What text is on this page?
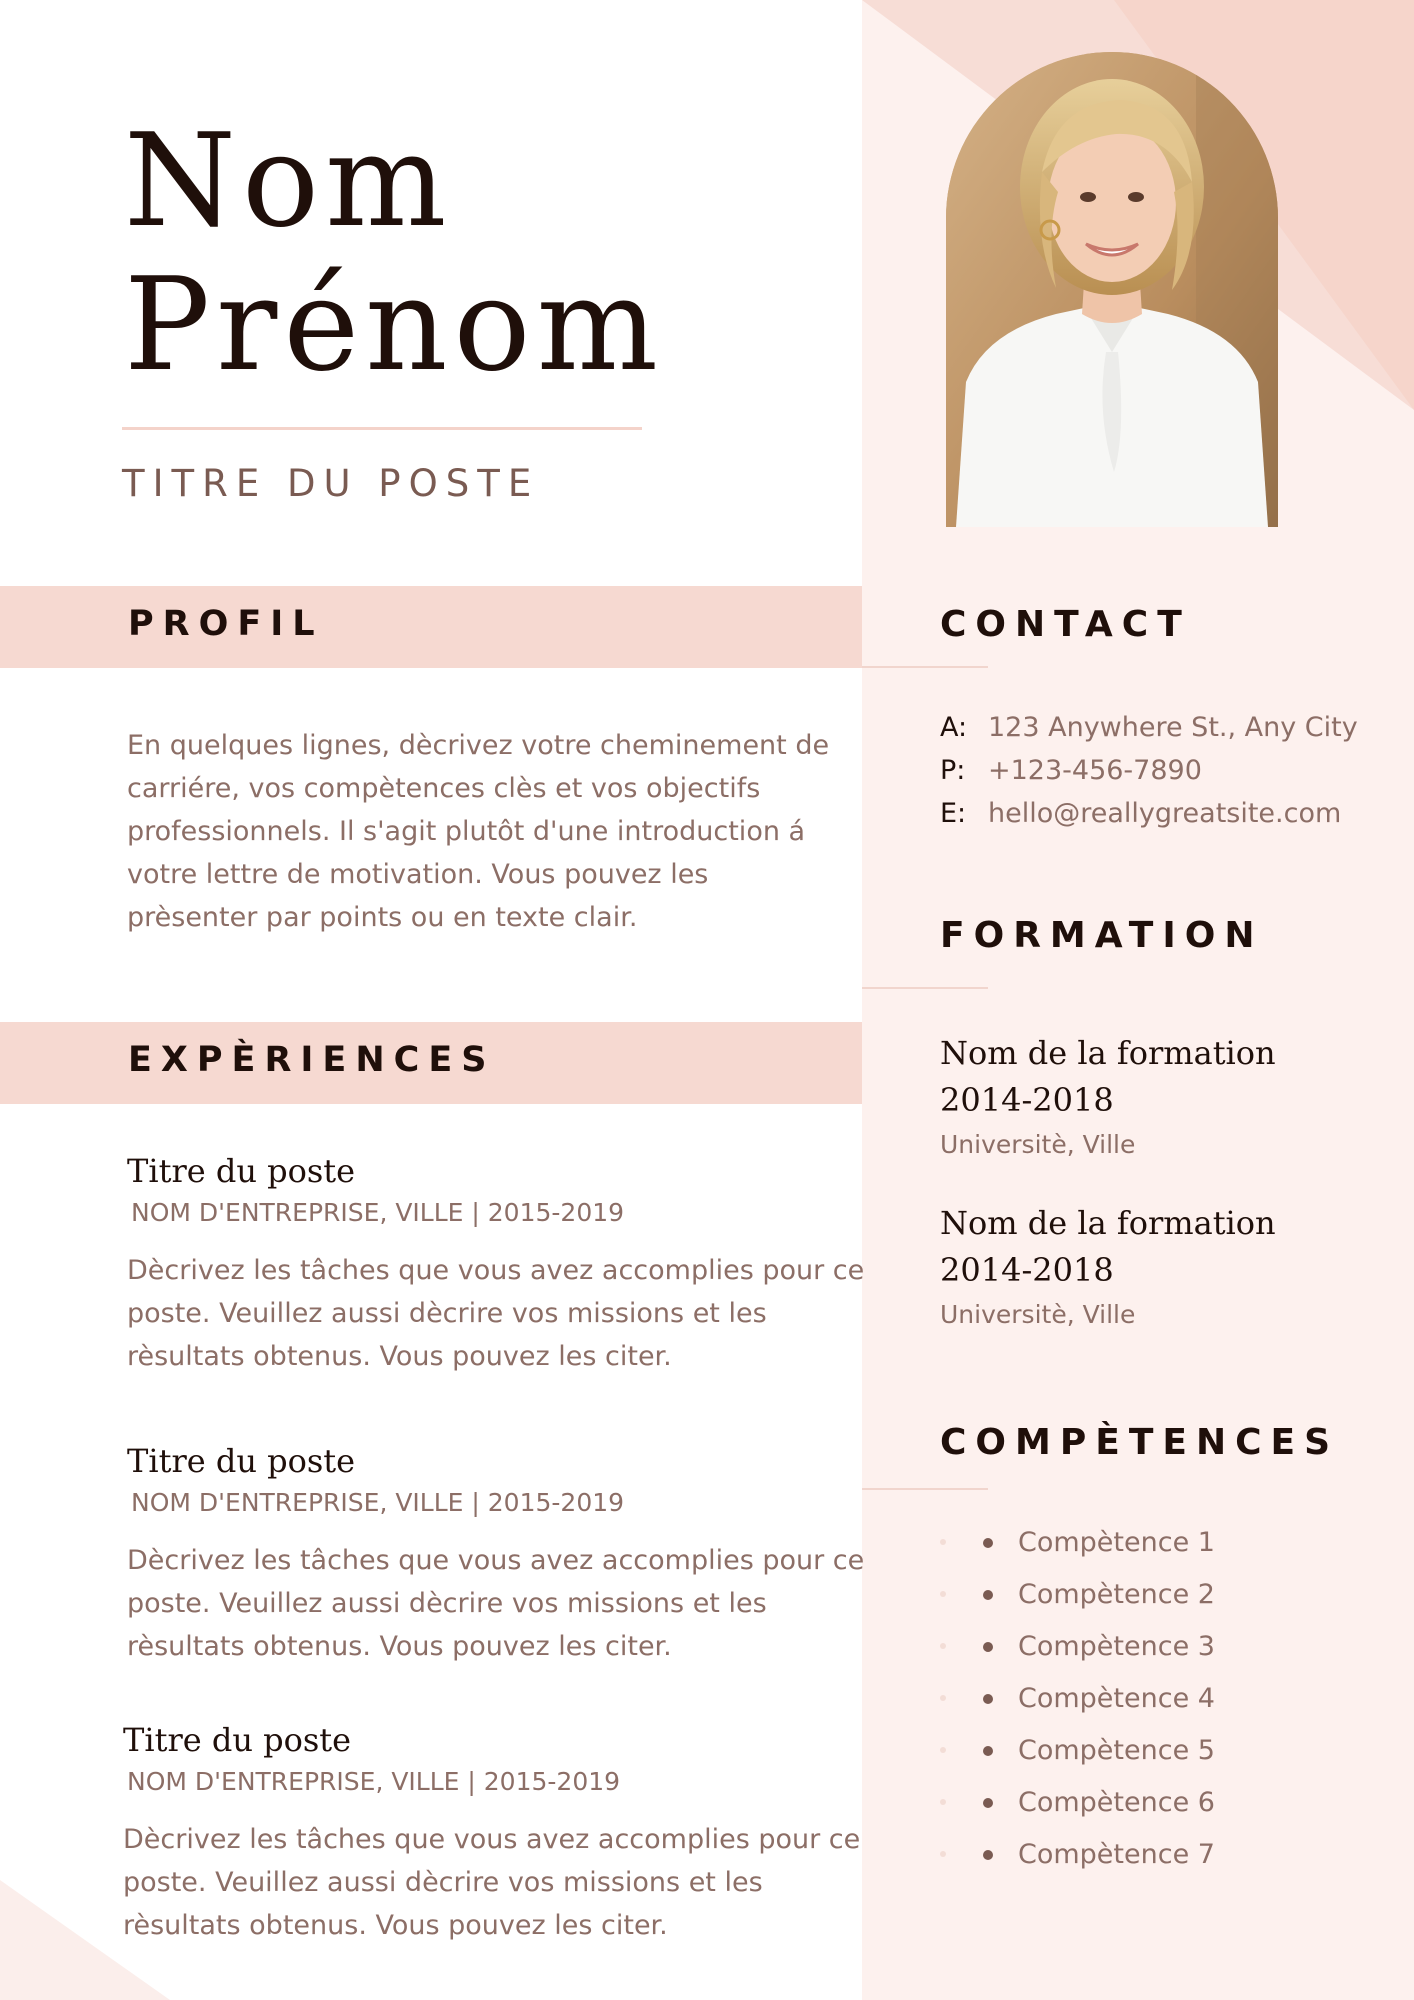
Nom
Prénom
TITRE DU POSTE
PROFIL
En quelques lignes, dècrivez votre cheminement de
carriére, vos compètences clès et vos objectifs
professionnels. Il s'agit plutôt d'une introduction á
votre lettre de motivation. Vous pouvez les
prèsenter par points ou en texte clair.
EXPÈRIENCES
Titre du poste
NOM D'ENTREPRISE, VILLE | 2015-2019
Dècrivez les tâches que vous avez accomplies pour ce
poste. Veuillez aussi dècrire vos missions et les
rèsultats obtenus. Vous pouvez les citer.
Titre du poste
NOM D'ENTREPRISE, VILLE | 2015-2019
Dècrivez les tâches que vous avez accomplies pour ce
poste. Veuillez aussi dècrire vos missions et les
rèsultats obtenus. Vous pouvez les citer.
Titre du poste
NOM D'ENTREPRISE, VILLE | 2015-2019
Dècrivez les tâches que vous avez accomplies pour ce
poste. Veuillez aussi dècrire vos missions et les
rèsultats obtenus. Vous pouvez les citer.
CONTACT
A: 123 Anywhere St., Any City
P: +123-456-7890
E: hello@reallygreatsite.com
FORMATION
Nom de la formation
2014-2018
Universitè, Ville
Nom de la formation
2014-2018
Universitè, Ville
COMPÈTENCES
Compètence 1
Compètence 2
Compètence 3
Compètence 4
Compètence 5
Compètence 6
Compètence 7
